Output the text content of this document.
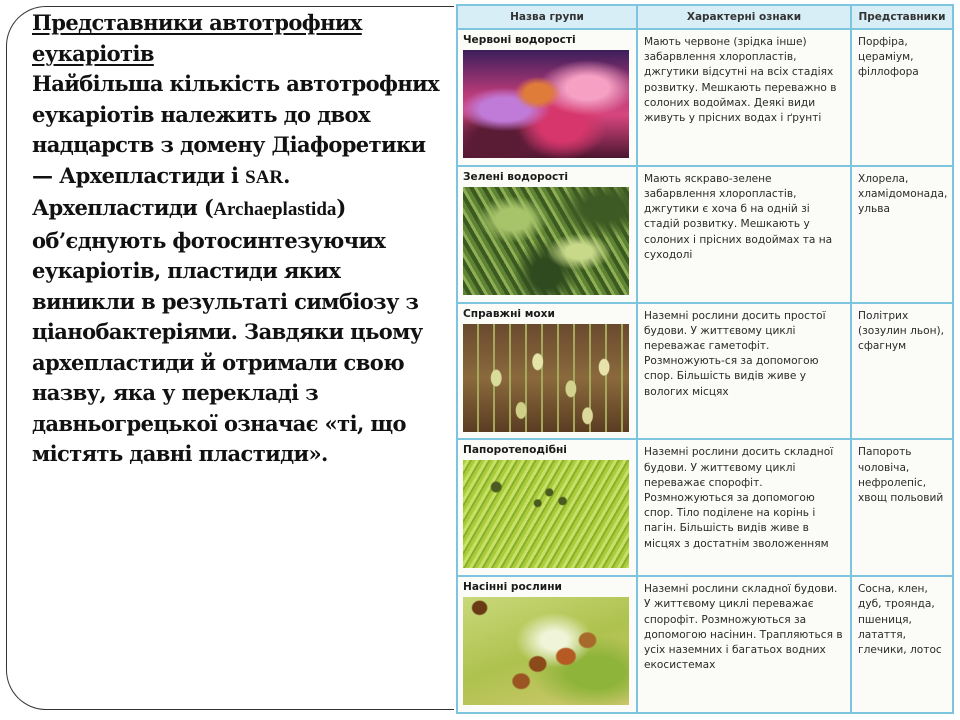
Представники автотрофних еукаріотів
Найбільша кількість автотрофних еукаріотів належить до двох надцарств з домену Діафоретики — Архепластиди і SAR. Архепластиди (Archaeplastida) об’єднують фотосинтезуючих еукаріотів, пластиди яких виникли в результаті симбіозу з ціанобактеріями. Завдяки цьому архепластиди й отримали свою назву, яка у перекладі з давньогрецької означає «ті, що містять давні пластиди».
Назва групи	Характерні ознаки	Представники

Червоні водорості	Мають червоне (зрідка інше) забарвлення хлоропластів, джгутики відсутні на всіх стадіях розвитку. Мешкають переважно в солоних водоймах. Деякі види живуть у прісних водах і ґрунті	Порфіра, цераміум, філлофора

Зелені водорості	Мають яскраво-зелене забарвлення хлоропластів, джгутики є хоча б на одній зі стадій розвитку. Мешкають у солоних і прісних водоймах та на суходолі	Хлорела, хламідомонада, ульва

Справжні мохи	Наземні рослини досить простої будови. У життєвому циклі переважає гаметофіт. Розмножують-ся за допомогою спор. Більшість видів живе у вологих місцях	Політрих (зозулин льон), сфагнум

Папоротеподібні	Наземні рослини досить складної будови. У життєвому циклі переважає спорофіт. Розмножуються за допомогою спор. Тіло поділене на корінь і пагін. Більшість видів живе в місцях з достатнім зволоженням	Папороть чоловіча, нефролепіс, хвощ польовий

Насінні рослини	Наземні рослини складної будови. У життєвому циклі переважає спорофіт. Розмножуються за допомогою насінин. Трапляються в усіх наземних і багатьох водних екосистемах	Сосна, клен, дуб, троянда, пшениця, латаття, глечики, лотос
